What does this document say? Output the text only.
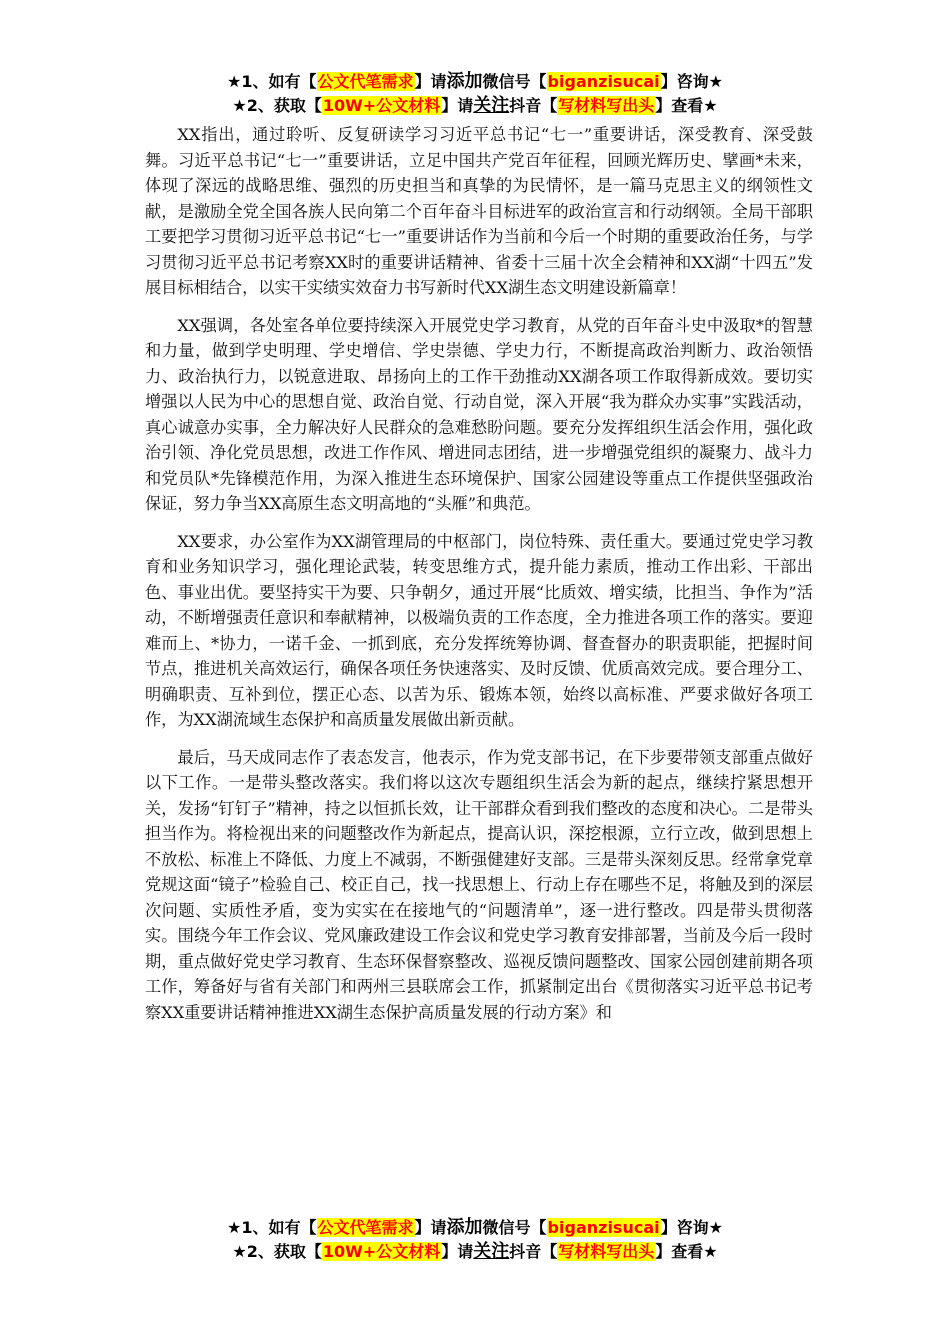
★1、如有【公文代笔需求】请添加微信号【biganzisucai】咨询★
★2、获取【10W+公文材料】请关注抖音【写材料写出头】查看★

XX指出，通过聆听、反复研读学习习近平总书记“七一”重要讲话，深受教育、深受鼓舞。习近平总书记“七一”重要讲话，立足中国共产党百年征程，回顾光辉历史、擘画*未来，体现了深远的战略思维、强烈的历史担当和真挚的为民情怀，是一篇马克思主义的纲领性文献，是激励全党全国各族人民向第二个百年奋斗目标进军的政治宣言和行动纲领。全局干部职工要把学习贯彻习近平总书记“七一”重要讲话作为当前和今后一个时期的重要政治任务，与学习贯彻习近平总书记考察XX时的重要讲话精神、省委十三届十次全会精神和XX湖“十四五”发展目标相结合，以实干实绩实效奋力书写新时代XX湖生态文明建设新篇章！

XX强调，各处室各单位要持续深入开展党史学习教育，从党的百年奋斗史中汲取*的智慧和力量，做到学史明理、学史增信、学史崇德、学史力行，不断提高政治判断力、政治领悟力、政治执行力，以锐意进取、昂扬向上的工作干劲推动XX湖各项工作取得新成效。要切实增强以人民为中心的思想自觉、政治自觉、行动自觉，深入开展“我为群众办实事”实践活动，真心诚意办实事，全力解决好人民群众的急难愁盼问题。要充分发挥组织生活会作用，强化政治引领、净化党员思想，改进工作作风、增进同志团结，进一步增强党组织的凝聚力、战斗力和党员队*先锋模范作用，为深入推进生态环境保护、国家公园建设等重点工作提供坚强政治保证，努力争当XX高原生态文明高地的“头雁”和典范。

XX要求，办公室作为XX湖管理局的中枢部门，岗位特殊、责任重大。要通过党史学习教育和业务知识学习，强化理论武装，转变思维方式，提升能力素质，推动工作出彩、干部出色、事业出优。要坚持实干为要、只争朝夕，通过开展“比质效、增实绩，比担当、争作为”活动，不断增强责任意识和奉献精神，以极端负责的工作态度，全力推进各项工作的落实。要迎难而上、*协力，一诺千金、一抓到底，充分发挥统筹协调、督查督办的职责职能，把握时间节点，推进机关高效运行，确保各项任务快速落实、及时反馈、优质高效完成。要合理分工、明确职责、互补到位，摆正心态、以苦为乐、锻炼本领，始终以高标准、严要求做好各项工作，为XX湖流域生态保护和高质量发展做出新贡献。

最后，马天成同志作了表态发言，他表示，作为党支部书记，在下步要带领支部重点做好以下工作。一是带头整改落实。我们将以这次专题组织生活会为新的起点，继续拧紧思想开关，发扬“钉钉子”精神，持之以恒抓长效，让干部群众看到我们整改的态度和决心。二是带头担当作为。将检视出来的问题整改作为新起点，提高认识，深挖根源，立行立改，做到思想上不放松、标准上不降低、力度上不减弱，不断强健建好支部。三是带头深刻反思。经常拿党章党规这面“镜子”检验自己、校正自己，找一找思想上、行动上存在哪些不足，将触及到的深层次问题、实质性矛盾，变为实实在在接地气的“问题清单”，逐一进行整改。四是带头贯彻落实。围绕今年工作会议、党风廉政建设工作会议和党史学习教育安排部署，当前及今后一段时期，重点做好党史学习教育、生态环保督察整改、巡视反馈问题整改、国家公园创建前期各项工作，筹备好与省有关部门和两州三县联席会工作，抓紧制定出台《贯彻落实习近平总书记考察XX重要讲话精神推进XX湖生态保护高质量发展的行动方案》和

★1、如有【公文代笔需求】请添加微信号【biganzisucai】咨询★
★2、获取【10W+公文材料】请关注抖音【写材料写出头】查看★
